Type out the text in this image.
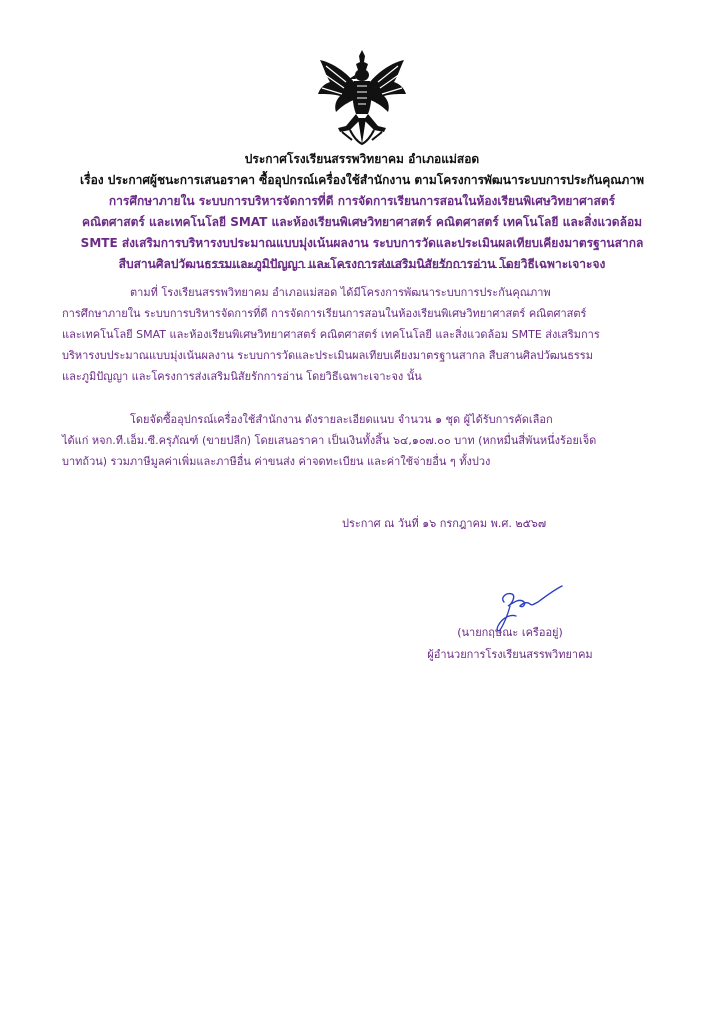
ประกาศโรงเรียนสรรพวิทยาคม อำเภอแม่สอด
เรื่อง ประกาศผู้ชนะการเสนอราคา ซื้ออุปกรณ์เครื่องใช้สำนักงาน ตามโครงการพัฒนาระบบการประกันคุณภาพ
การศึกษาภายใน ระบบการบริหารจัดการที่ดี การจัดการเรียนการสอนในห้องเรียนพิเศษวิทยาศาสตร์
คณิตศาสตร์ และเทคโนโลยี SMAT และห้องเรียนพิเศษวิทยาศาสตร์ คณิตศาสตร์ เทคโนโลยี และสิ่งแวดล้อม
SMTE ส่งเสริมการบริหารงบประมาณแบบมุ่งเน้นผลงาน ระบบการวัดและประเมินผลเทียบเคียงมาตรฐานสากล
สืบสานศิลปวัฒนธรรมและภูมิปัญญา และโครงการส่งเสริมนิสัยรักการอ่าน โดยวิธีเฉพาะเจาะจง
ตามที่ โรงเรียนสรรพวิทยาคม อำเภอแม่สอด ได้มีโครงการพัฒนาระบบการประกันคุณภาพ
การศึกษาภายใน ระบบการบริหารจัดการที่ดี การจัดการเรียนการสอนในห้องเรียนพิเศษวิทยาศาสตร์ คณิตศาสตร์
และเทคโนโลยี SMAT และห้องเรียนพิเศษวิทยาศาสตร์ คณิตศาสตร์ เทคโนโลยี และสิ่งแวดล้อม SMTE ส่งเสริมการ
บริหารงบประมาณแบบมุ่งเน้นผลงาน ระบบการวัดและประเมินผลเทียบเคียงมาตรฐานสากล สืบสานศิลปวัฒนธรรม
และภูมิปัญญา และโครงการส่งเสริมนิสัยรักการอ่าน โดยวิธีเฉพาะเจาะจง นั้น
โดยจัดซื้ออุปกรณ์เครื่องใช้สำนักงาน ดังรายละเอียดแนบ จำนวน ๑ ชุด ผู้ได้รับการคัดเลือก
ได้แก่ หจก.ที.เอ็ม.ซี.ครุภัณฑ์ (ขายปลีก) โดยเสนอราคา เป็นเงินทั้งสิ้น ๖๔,๑๐๗.๐๐ บาท (หกหมื่นสี่พันหนึ่งร้อยเจ็ด
บาทถ้วน) รวมภาษีมูลค่าเพิ่มและภาษีอื่น ค่าขนส่ง ค่าจดทะเบียน และค่าใช้จ่ายอื่น ๆ ทั้งปวง
ประกาศ ณ วันที่ ๑๖ กรกฎาคม พ.ศ. ๒๕๖๗
(นายกฤษณะ เครืออยู่)
ผู้อำนวยการโรงเรียนสรรพวิทยาคม
